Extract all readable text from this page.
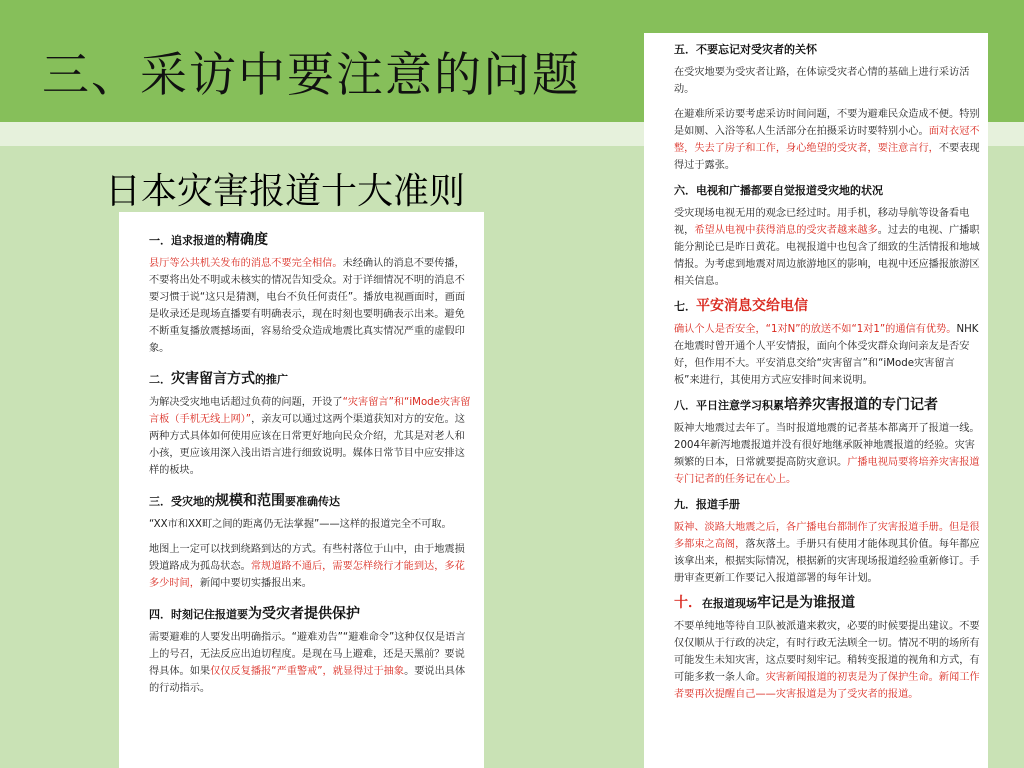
三、采访中要注意的问题
日本灾害报道十大准则
一．追求报道的精确度

县厅等公共机关发布的消息不要完全相信。未经确认的消息不要传播，不要将出处不明或未核实的情况告知受众。对于详细情况不明的消息不要习惯于说“这只是猜测，电台不负任何责任”。播放电视画面时，画面是收录还是现场直播要有明确表示，现在时刻也要明确表示出来。避免不断重复播放震撼场面，容易给受众造成地震比真实情况严重的虚假印象。

二．灾害留言方式的推广

为解决受灾地电话超过负荷的问题，开设了“灾害留言”和“iMode灾害留言板（手机无线上网）”，亲友可以通过这两个渠道获知对方的安危。这两种方式具体如何使用应该在日常更好地向民众介绍，尤其是对老人和小孩，更应该用深入浅出语言进行细致说明。媒体日常节目中应安排这样的板块。

三．受灾地的规模和范围要准确传达

“XX市和XX町之间的距离仍无法掌握”——这样的报道完全不可取。

地图上一定可以找到绕路到达的方式。有些村落位于山中，由于地震损毁道路成为孤岛状态。常规道路不通后，需要怎样绕行才能到达，多花多少时间，新闻中要切实播报出来。

四．时刻记住报道要为受灾者提供保护

需要避难的人要发出明确指示。“避难劝告”“避难命令”这种仅仅是语言上的号召，无法反应出迫切程度。是现在马上避难，还是天黑前？要说得具体。如果仅仅反复播报“严重警戒”，就显得过于抽象。要说出具体的行动指示。

五．不要忘记对受灾者的关怀

在受灾地要为受灾者让路，在体谅受灾者心情的基础上进行采访活动。

在避难所采访要考虑采访时间问题，不要为避难民众造成不便。特别是如厕、入浴等私人生活部分在拍摄采访时要特别小心。面对衣冠不整，失去了房子和工作，身心绝望的受灾者，要注意言行，不要表现得过于露张。

六．电视和广播都要自觉报道受灾地的状况

受灾现场电视无用的观念已经过时。用手机，移动导航等设备看电视，希望从电视中获得消息的受灾者越来越多。过去的电视、广播职能分割论已是昨日黄花。电视报道中也包含了细致的生活情报和地域情报。为考虑到地震对周边旅游地区的影响，电视中还应播报旅游区相关信息。

七．平安消息交给电信

确认个人是否安全，“1对N”的放送不如“1对1”的通信有优势。NHK在地震时曾开通个人平安情报，面向个体受灾群众询问亲友是否安好，但作用不大。平安消息交给“灾害留言”和“iMode灾害留言板”来进行，其使用方式应安排时间来说明。

八．平日注意学习积累培养灾害报道的专门记者

阪神大地震过去年了。当时报道地震的记者基本都离开了报道一线。2004年新泻地震报道并没有很好地继承阪神地震报道的经验。灾害频繁的日本，日常就要提高防灾意识。广播电视局要将培养灾害报道专门记者的任务记在心上。

九．报道手册

阪神、淡路大地震之后，各广播电台都制作了灾害报道手册。但是很多都束之高阁，落灰落土。手册只有使用才能体现其价值。每年都应该拿出来，根据实际情况，根据新的灾害现场报道经验重新修订。手册审查更新工作要记入报道部署的每年计划。

十．在报道现场牢记是为谁报道

不要单纯地等待自卫队被派遣来救灾，必要的时候要提出建议。不要仅仅顺从于行政的决定，有时行政无法顾全一切。情况不明的场所有可能发生未知灾害，这点要时刻牢记。稍转变报道的视角和方式，有可能多救一条人命。灾害新闻报道的初衷是为了保护生命。新闻工作者要再次提醒自己——灾害报道是为了受灾者的报道。
